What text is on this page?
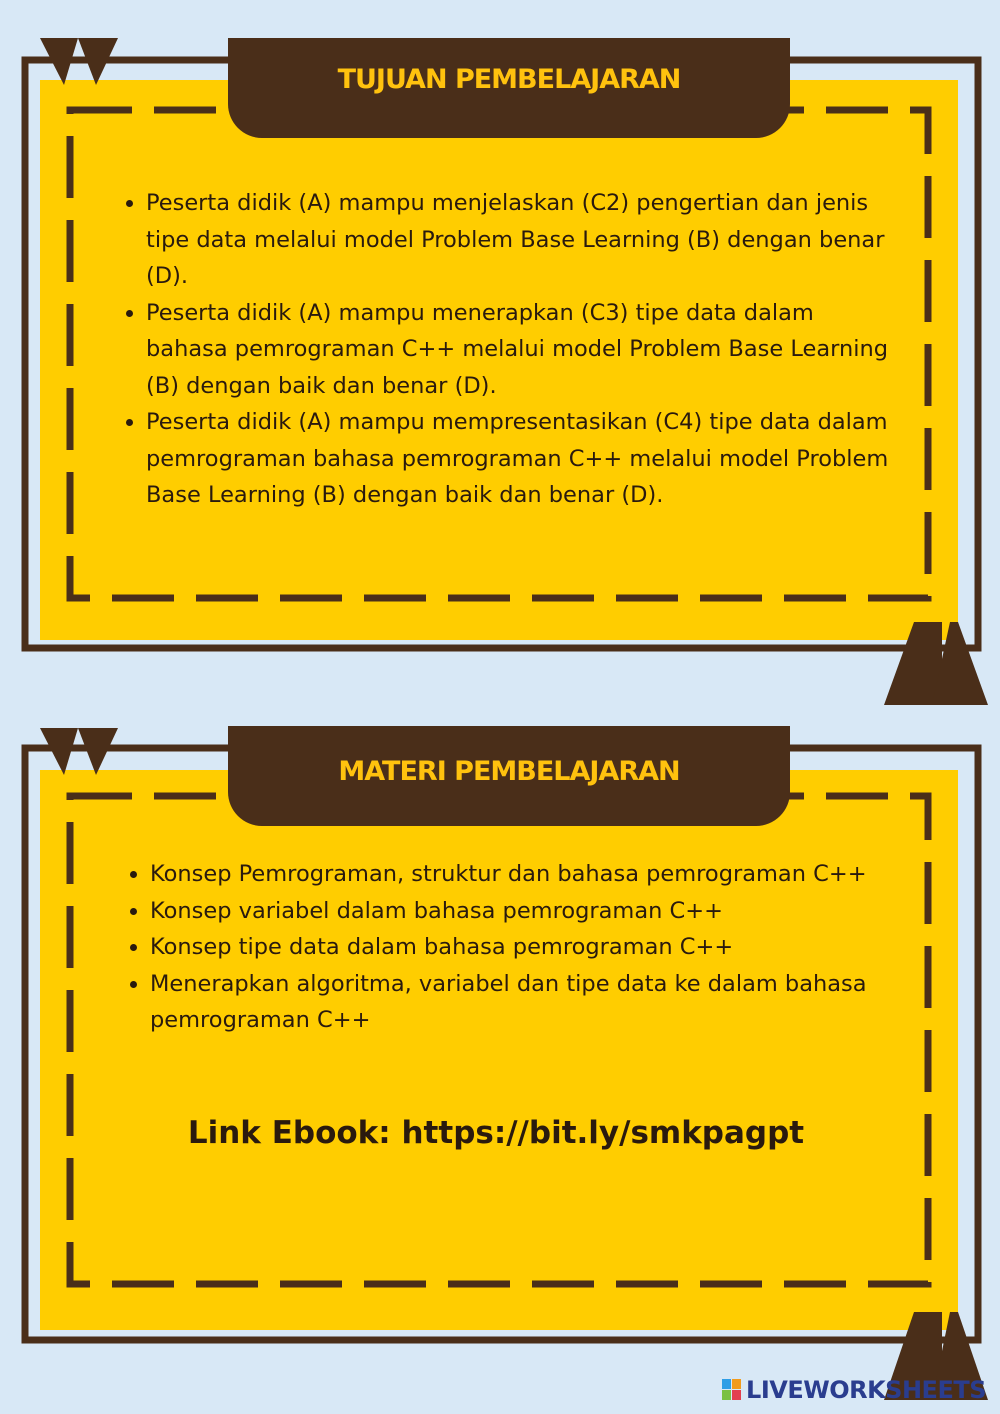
TUJUAN PEMBELAJARAN
• Peserta didik (A) mampu menjelaskan (C2) pengertian dan jenis tipe data melalui model Problem Base Learning (B) dengan benar (D).
• Peserta didik (A) mampu menerapkan (C3) tipe data dalam bahasa pemrograman C++ melalui model Problem Base Learning (B) dengan baik dan benar (D).
• Peserta didik (A) mampu mempresentasikan (C4) tipe data dalam pemrograman bahasa pemrograman C++ melalui model Problem Base Learning (B) dengan baik dan benar (D).
MATERI PEMBELAJARAN
• Konsep Pemrograman, struktur dan bahasa pemrograman C++
• Konsep variabel dalam bahasa pemrograman C++
• Konsep tipe data dalam bahasa pemrograman C++
• Menerapkan algoritma, variabel dan tipe data ke dalam bahasa pemrograman C++
Link Ebook: https://bit.ly/smkpagpt
LIVEWORKSHEETS
